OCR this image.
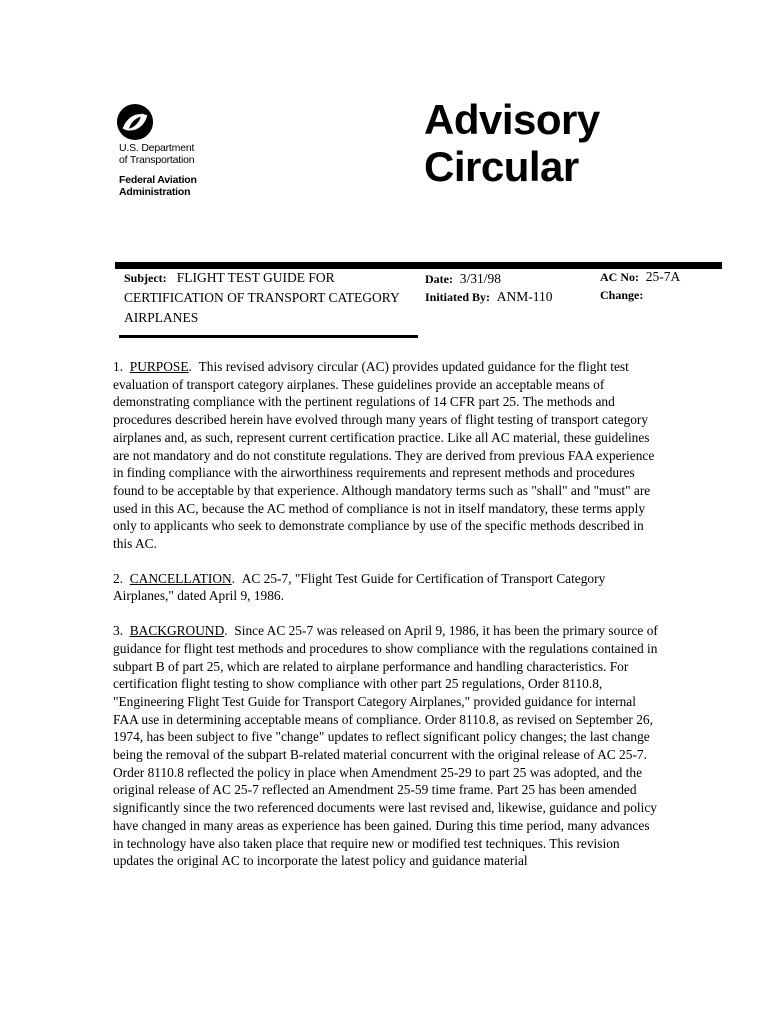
U.S. Department
of Transportation
Federal Aviation
Administration
Advisory
Circular
Subject: FLIGHT TEST GUIDE FOR CERTIFICATION OF TRANSPORT CATEGORY AIRPLANES
Date: 3/31/98
Initiated By: ANM-110
AC No: 25-7A
Change:

1. PURPOSE.  This revised advisory circular (AC) provides updated guidance for the flight test evaluation of transport category airplanes. These guidelines provide an acceptable means of demonstrating compliance with the pertinent regulations of 14 CFR part 25. The methods and procedures described herein have evolved through many years of flight testing of transport category airplanes and, as such, represent current certification practice. Like all AC material, these guidelines are not mandatory and do not constitute regulations. They are derived from previous FAA experience in finding compliance with the airworthiness requirements and represent methods and procedures found to be acceptable by that experience. Although mandatory terms such as "shall" and "must" are used in this AC, because the AC method of compliance is not in itself mandatory, these terms apply only to applicants who seek to demonstrate compliance by use of the specific methods described in this AC.

2. CANCELLATION.  AC 25-7, "Flight Test Guide for Certification of Transport Category Airplanes," dated April 9, 1986.

3. BACKGROUND.  Since AC 25-7 was released on April 9, 1986, it has been the primary source of guidance for flight test methods and procedures to show compliance with the regulations contained in subpart B of part 25, which are related to airplane performance and handling characteristics. For certification flight testing to show compliance with other part 25 regulations, Order 8110.8, "Engineering Flight Test Guide for Transport Category Airplanes," provided guidance for internal FAA use in determining acceptable means of compliance. Order 8110.8, as revised on September 26, 1974, has been subject to five "change" updates to reflect significant policy changes; the last change being the removal of the subpart B-related material concurrent with the original release of AC 25-7. Order 8110.8 reflected the policy in place when Amendment 25-29 to part 25 was adopted, and the original release of AC 25-7 reflected an Amendment 25-59 time frame. Part 25 has been amended significantly since the two referenced documents were last revised and, likewise, guidance and policy have changed in many areas as experience has been gained. During this time period, many advances in technology have also taken place that require new or modified test techniques. This revision updates the original AC to incorporate the latest policy and guidance material
